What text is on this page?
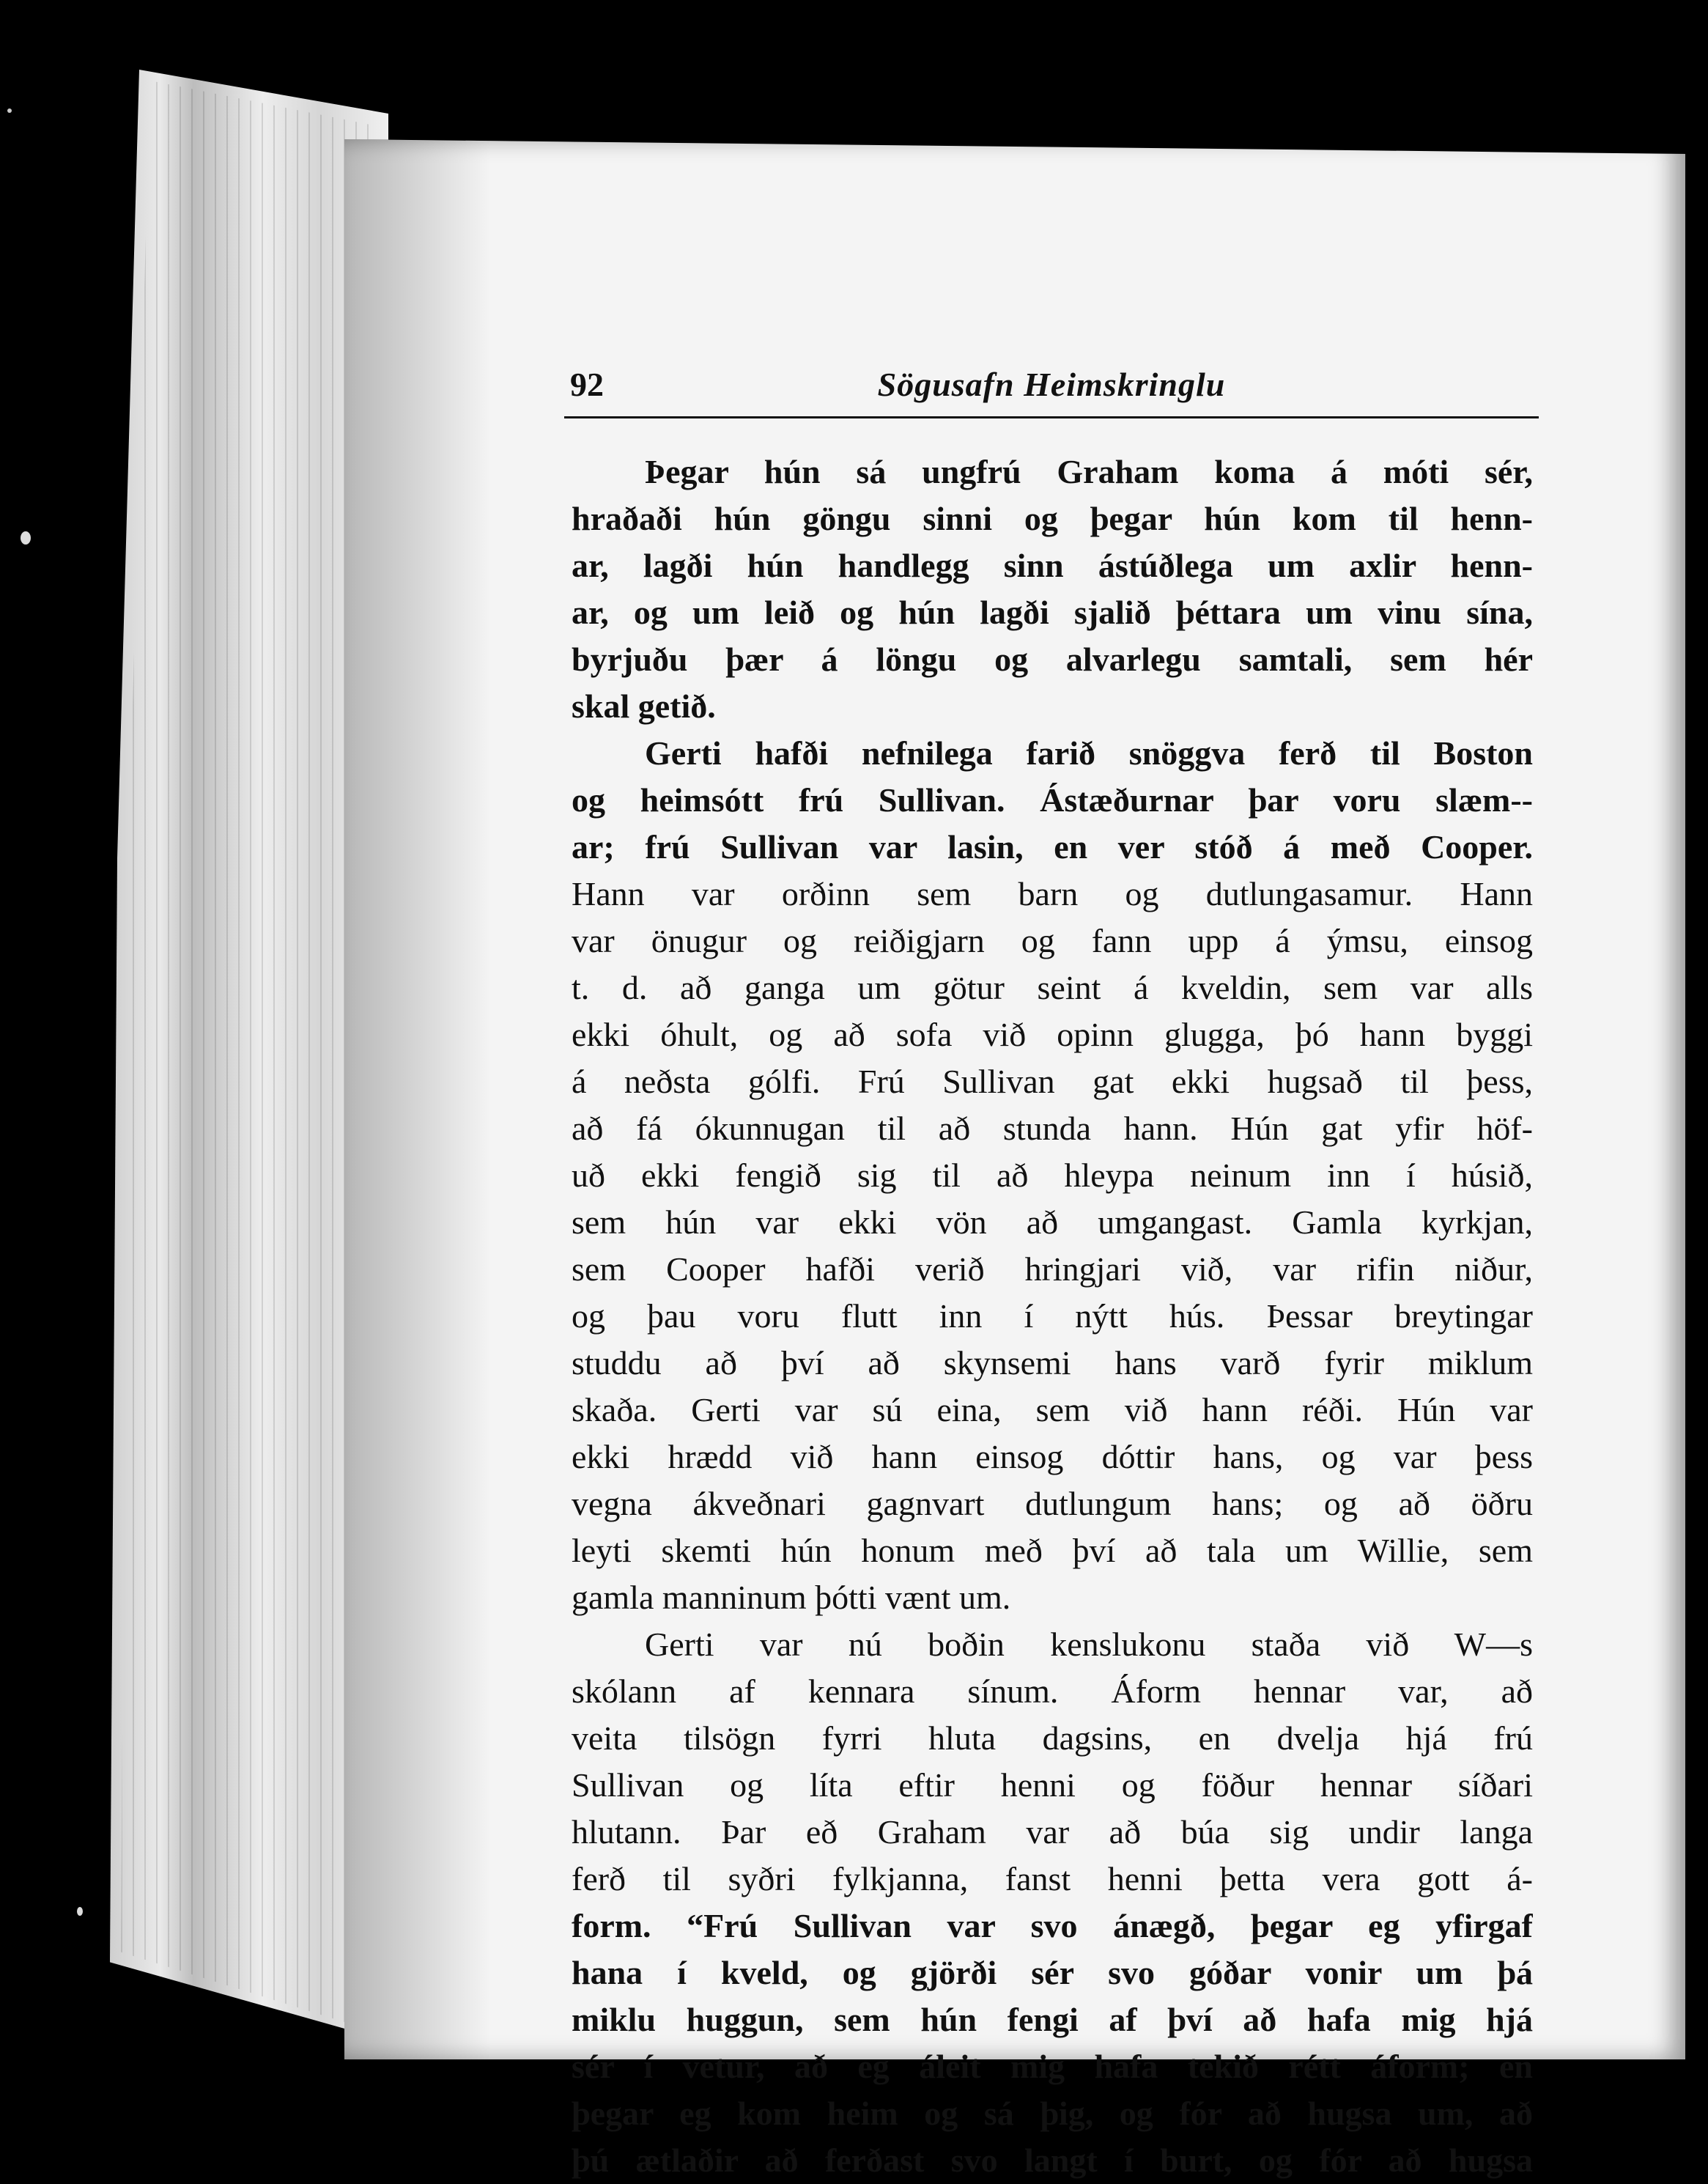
92	Sögusafn Heimskringlu
Þegar hún sá ungfrú Graham koma á móti sér,
hraðaði hún göngu sinni og þegar hún kom til henn-
ar, lagði hún handlegg sinn ástúðlega um axlir henn-
ar, og um leið og hún lagði sjalið þéttara um vinu sína,
byrjuðu þær á löngu og alvarlegu samtali, sem hér
skal getið.
Gerti hafði nefnilega farið snöggva ferð til Boston
og heimsótt frú Sullivan. Ástæðurnar þar voru slæm--
ar; frú Sullivan var lasin, en ver stóð á með Cooper.
Hann var orðinn sem barn og dutlungasamur. Hann
var önugur og reiðigjarn og fann upp á ýmsu, einsog
t. d. að ganga um götur seint á kveldin, sem var alls
ekki óhult, og að sofa við opinn glugga, þó hann byggi
á neðsta gólfi. Frú Sullivan gat ekki hugsað til þess,
að fá ókunnugan til að stunda hann. Hún gat yfir höf-
uð ekki fengið sig til að hleypa neinum inn í húsið,
sem hún var ekki vön að umgangast. Gamla kyrkjan,
sem Cooper hafði verið hringjari við, var rifin niður,
og þau voru flutt inn í nýtt hús. Þessar breytingar
studdu að því að skynsemi hans varð fyrir miklum
skaða. Gerti var sú eina, sem við hann réði. Hún var
ekki hrædd við hann einsog dóttir hans, og var þess
vegna ákveðnari gagnvart dutlungum hans; og að öðru
leyti skemti hún honum með því að tala um Willie, sem
gamla manninum þótti vænt um.
Gerti var nú boðin kenslukonu staða við W—s
skólann af kennara sínum. Áform hennar var, að
veita tilsögn fyrri hluta dagsins, en dvelja hjá frú
Sullivan og líta eftir henni og föður hennar síðari
hlutann. Þar eð Graham var að búa sig undir langa
ferð til syðri fylkjanna, fanst henni þetta vera gott á-
form. “Frú Sullivan var svo ánægð, þegar eg yfirgaf
hana í kveld, og gjörði sér svo góðar vonir um þá
miklu huggun, sem hún fengi af því að hafa mig hjá
sér í vetur, að eg áleit mig hafa tekið rétt áform; en
þegar eg kom heim og sá þig, og fór að hugsa um, að
þú ætlaðir að ferðast svo langt í burt, og fór að hugsa
